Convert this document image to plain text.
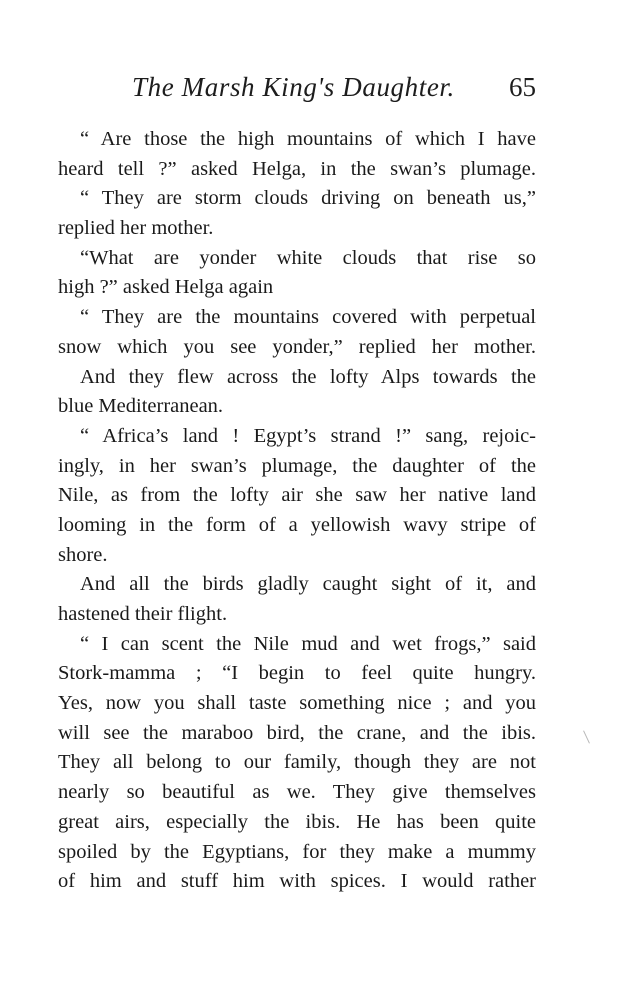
The Marsh King's Daughter. 65
“ Are those the high mountains of which I have
heard tell ?” asked Helga, in the swan’s plumage.
“ They are storm clouds driving on beneath us,”
replied her mother.
“What are yonder white clouds that rise so
high ?” asked Helga again
“ They are the mountains covered with perpetual
snow which you see yonder,” replied her mother.
And they flew across the lofty Alps towards the
blue Mediterranean.
“ Africa’s land ! Egypt’s strand !” sang, rejoic-
ingly, in her swan’s plumage, the daughter of the
Nile, as from the lofty air she saw her native land
looming in the form of a yellowish wavy stripe of
shore.
And all the birds gladly caught sight of it, and
hastened their flight.
“ I can scent the Nile mud and wet frogs,” said
Stork-mamma ; “I begin to feel quite hungry.
Yes, now you shall taste something nice ; and you
will see the maraboo bird, the crane, and the ibis.
They all belong to our family, though they are not
nearly so beautiful as we. They give themselves
great airs, especially the ibis. He has been quite
spoiled by the Egyptians, for they make a mummy
of him and stuff him with spices. I would rather
